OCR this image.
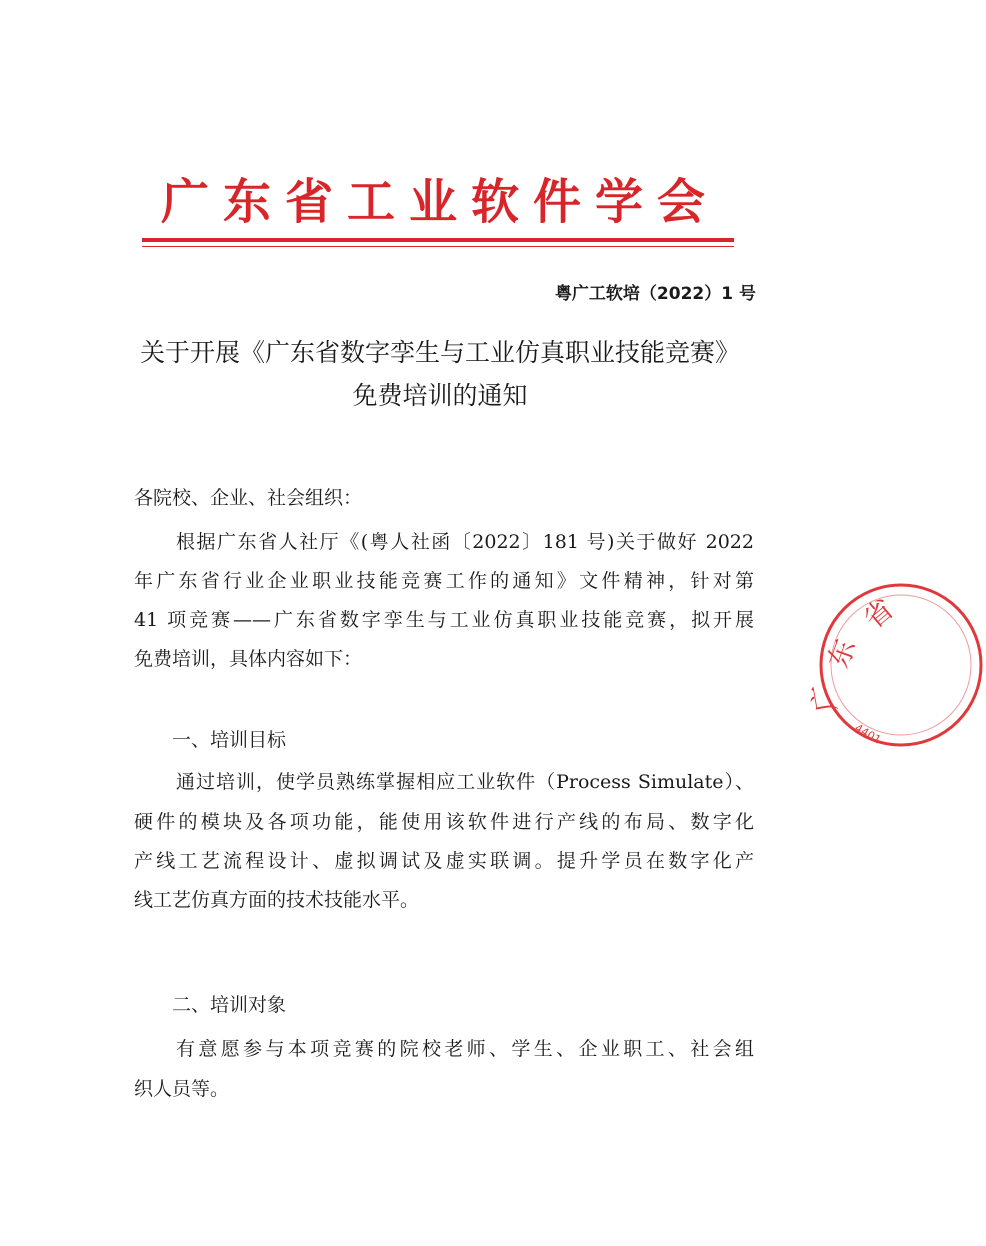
广东省工业软件学会
粤广工软培（2022）1 号
关于开展《广东省数字孪生与工业仿真职业技能竞赛》
免费培训的通知
各院校、企业、社会组织：
根据广东省人社厅《(粤人社函〔2022〕181 号)关于做好 2022
年广东省行业企业职业技能竞赛工作的通知》文件精神，针对第
41 项竞赛——广东省数字孪生与工业仿真职业技能竞赛，拟开展
免费培训，具体内容如下：
一、培训目标
通过培训，使学员熟练掌握相应工业软件（Process Simulate）、
硬件的模块及各项功能，能使用该软件进行产线的布局、数字化
产线工艺流程设计、虚拟调试及虚实联调。提升学员在数字化产
线工艺仿真方面的技术技能水平。
二、培训对象
有意愿参与本项竞赛的院校老师、学生、企业职工、社会组
织人员等。
省
东
广
4401
